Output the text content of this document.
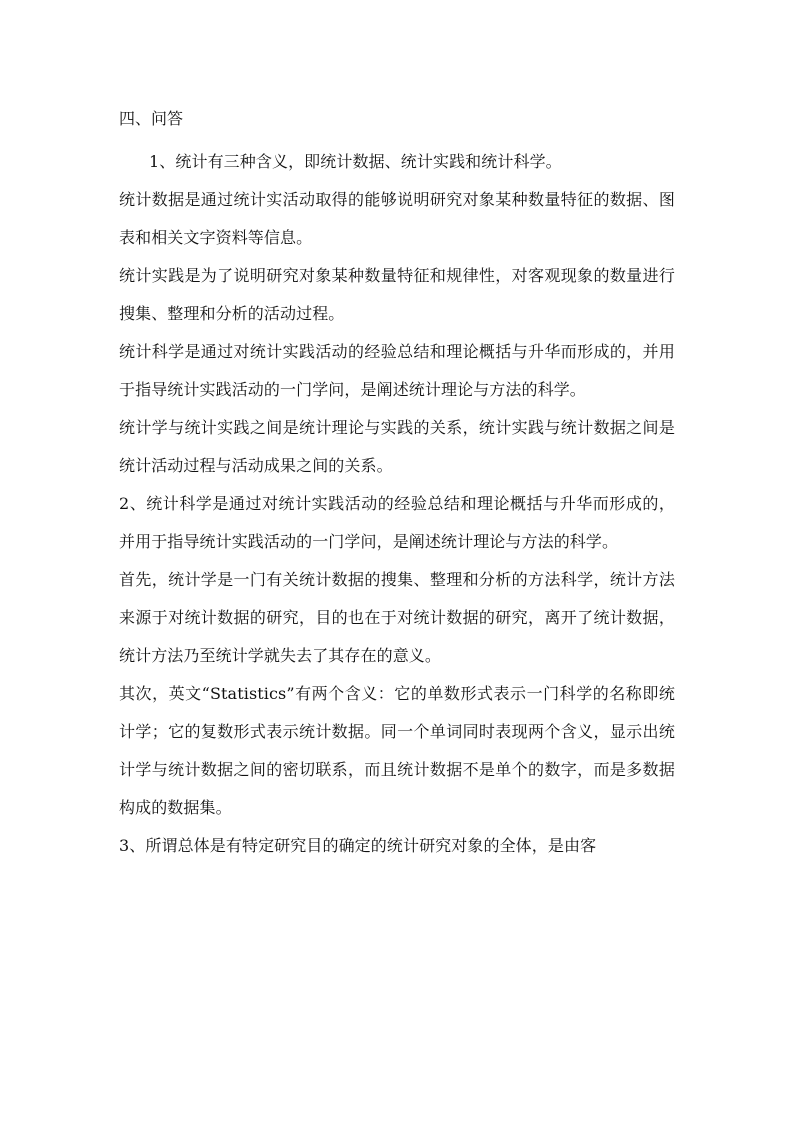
四、问答

1、统计有三种含义，即统计数据、统计实践和统计科学。

统计数据是通过统计实活动取得的能够说明研究对象某种数量特征的数据、图表和相关文字资料等信息。

统计实践是为了说明研究对象某种数量特征和规律性，对客观现象的数量进行搜集、整理和分析的活动过程。

统计科学是通过对统计实践活动的经验总结和理论概括与升华而形成的，并用于指导统计实践活动的一门学问，是阐述统计理论与方法的科学。

统计学与统计实践之间是统计理论与实践的关系，统计实践与统计数据之间是统计活动过程与活动成果之间的关系。

2、统计科学是通过对统计实践活动的经验总结和理论概括与升华而形成的，并用于指导统计实践活动的一门学问，是阐述统计理论与方法的科学。

首先，统计学是一门有关统计数据的搜集、整理和分析的方法科学，统计方法来源于对统计数据的研究，目的也在于对统计数据的研究，离开了统计数据，统计方法乃至统计学就失去了其存在的意义。

其次，英文“Statistics”有两个含义：它的单数形式表示一门科学的名称即统计学；它的复数形式表示统计数据。同一个单词同时表现两个含义，显示出统计学与统计数据之间的密切联系，而且统计数据不是单个的数字，而是多数据构成的数据集。

3、所谓总体是有特定研究目的确定的统计研究对象的全体，是由客
